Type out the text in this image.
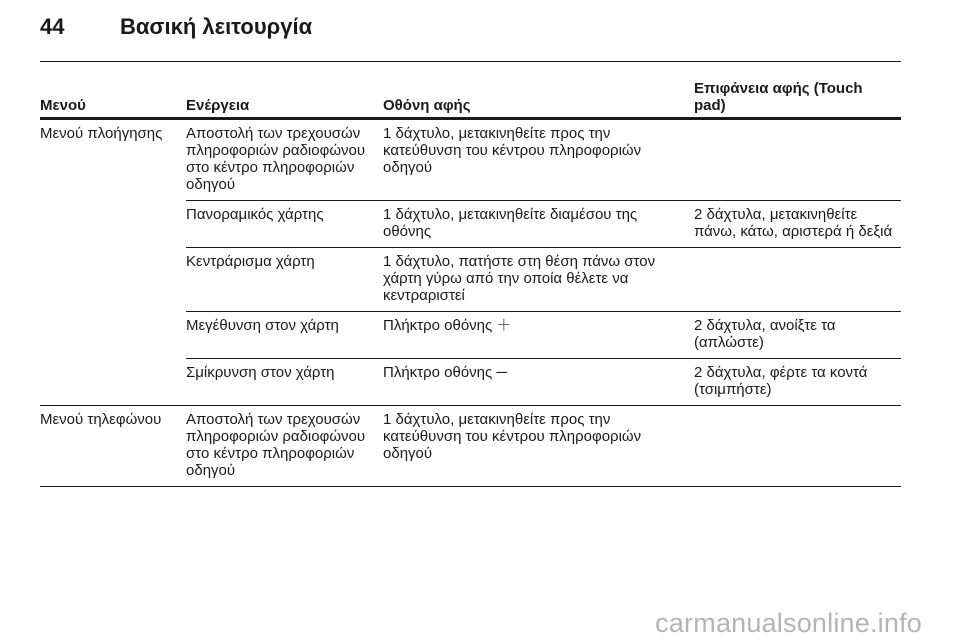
44	Βασική λειτουργία
Μενού	Ενέργεια	Οθόνη αφής	Επιφάνεια αφής (Touch pad)
Μενού πλοήγησης	Αποστολή των τρεχουσών πληροφοριών ραδιοφώνου στο κέντρο πληροφοριών οδηγού	1 δάχτυλο, μετακινηθείτε προς την κατεύθυνση του κέντρου πληροφοριών οδηγού	
	Πανοραμικός χάρτης	1 δάχτυλο, μετακινηθείτε διαμέσου της οθόνης	2 δάχτυλα, μετακινηθείτε πάνω, κάτω, αριστερά ή δεξιά
	Κεντράρισμα χάρτη	1 δάχτυλο, πατήστε στη θέση πάνω στον χάρτη γύρω από την οποία θέλετε να κεντραριστεί	
	Μεγέθυνση στον χάρτη	Πλήκτρο οθόνης ＋	2 δάχτυλα, ανοίξτε τα (απλώστε)
	Σμίκρυνση στον χάρτη	Πλήκτρο οθόνης ─	2 δάχτυλα, φέρτε τα κοντά (τσιμπήστε)
Μενού τηλεφώνου	Αποστολή των τρεχουσών πληροφοριών ραδιοφώνου στο κέντρο πληροφοριών οδηγού	1 δάχτυλο, μετακινηθείτε προς την κατεύθυνση του κέντρου πληροφοριών οδηγού	
carmanualsonline.info
